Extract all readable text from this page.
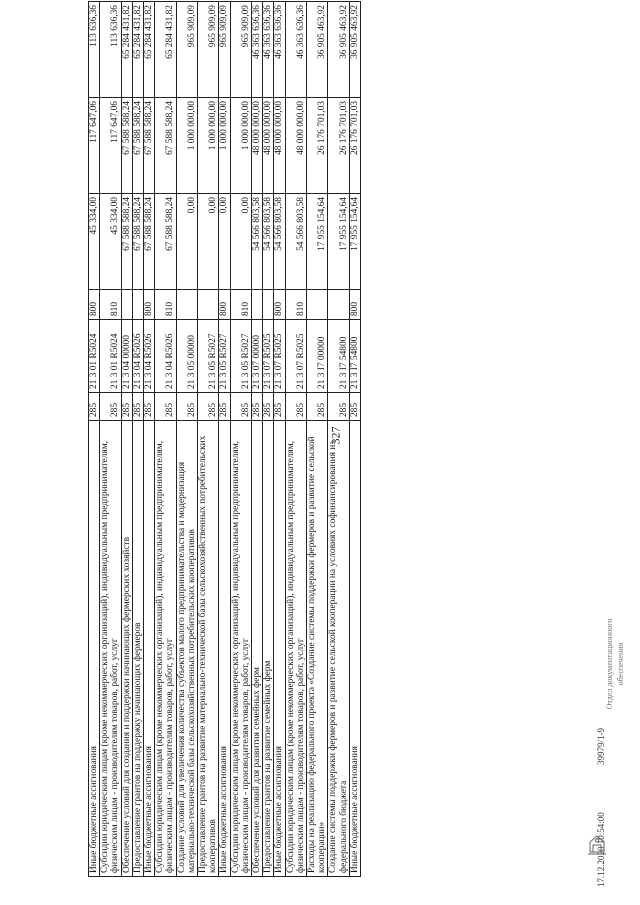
327
Иные бюджетные ассигнования	285	21 3 01 R5024	800	45 334,00	117 647,06	113 636,36
Субсидии юридическим лицам (кроме некоммерческих организаций), индивидуальным предпринимателям, физическим лицам - производителям товаров, работ, услуг	285	21 3 01 R5024	810	45 334,00	117 647,06	113 636,36
Обеспечение условий для создания и поддержки начинающих фермерских хозяйств	285	21 3 04 00000		67 588 588,24	67 588 588,24	65 284 431,82
Предоставление грантов на поддержку начинающих фермеров	285	21 3 04 R5026		67 588 588,24	67 588 588,24	65 284 431,82
Иные бюджетные ассигнования	285	21 3 04 R5026	800	67 588 588,24	67 588 588,24	65 284 431,82
Субсидии юридическим лицам (кроме некоммерческих организаций), индивидуальным предпринимателям, физическим лицам - производителям товаров, работ, услуг	285	21 3 04 R5026	810	67 588 588,24	67 588 588,24	65 284 431,82
Создание условий для увеличения количества субъектов малого предпринимательства и модернизация материально-технической базы сельскохозяйственных потребительских кооперативов	285	21 3 05 00000		0,00	1 000 000,00	965 909,09
Предоставление грантов на развитие материально-технической базы сельскохозяйственных потребительских кооперативов	285	21 3 05 R5027		0,00	1 000 000,00	965 909,09
Иные бюджетные ассигнования	285	21 3 05 R5027	800	0,00	1 000 000,00	965 909,09
Субсидии юридическим лицам (кроме некоммерческих организаций), индивидуальным предпринимателям, физическим лицам - производителям товаров, работ, услуг	285	21 3 05 R5027	810	0,00	1 000 000,00	965 909,09
Обеспечение условий для развития семейных ферм	285	21 3 07 00000		54 566 803,58	48 000 000,00	46 363 636,36
Предоставление грантов на развитие семейных ферм	285	21 3 07 R5025		54 566 803,58	48 000 000,00	46 363 636,36
Иные бюджетные ассигнования	285	21 3 07 R5025	800	54 566 803,58	48 000 000,00	46 363 636,36
Субсидии юридическим лицам (кроме некоммерческих организаций), индивидуальным предпринимателям, физическим лицам - производителям товаров, работ, услуг	285	21 3 07 R5025	810	54 566 803,58	48 000 000,00	46 363 636,36
Расходы на реализацию федерального проекта «Создание системы поддержки фермеров и развитие сельской кооперации»	285	21 3 I7 00000		17 955 154,64	26 176 701,03	36 905 463,92
Создание системы поддержки фермеров и развитие сельской кооперации на условиях софинансирования из федерального бюджета	285	21 3 I7 54800		17 955 154,64	26 176 701,03	36 905 463,92
Иные бюджетные ассигнования	285	21 3 I7 54800	800	17 955 154,64	26 176 701,03	36 905 463,92
17.12.2020 10:54:00
39979/1-9
Отдел документационного обеспечения
